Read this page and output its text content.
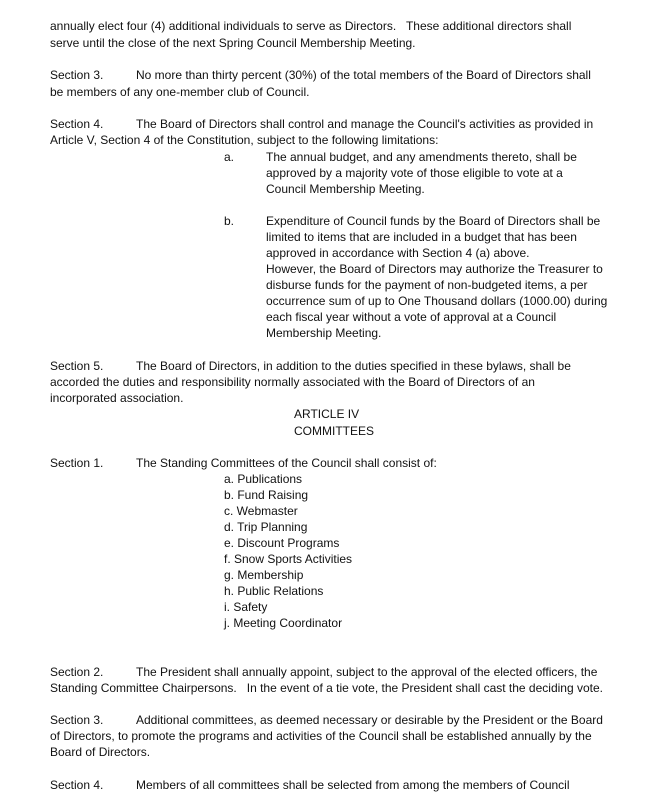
annually elect four (4) additional individuals to serve as Directors.   These additional directors shall
serve until the close of the next Spring Council Membership Meeting.
Section 3.	No more than thirty percent (30%) of the total members of the Board of Directors shall
be members of any one-member club of Council.
Section 4.	The Board of Directors shall control and manage the Council's activities as provided in
Article V, Section 4 of the Constitution, subject to the following limitations:
a.	The annual budget, and any amendments thereto, shall be
approved by a majority vote of those eligible to vote at a
Council Membership Meeting.
b.	Expenditure of Council funds by the Board of Directors shall be
limited to items that are included in a budget that has been
approved in accordance with Section 4 (a) above.
However, the Board of Directors may authorize the Treasurer to
disburse funds for the payment of non-budgeted items, a per
occurrence sum of up to One Thousand dollars (1000.00) during
each fiscal year without a vote of approval at a Council
Membership Meeting.
Section 5.	The Board of Directors, in addition to the duties specified in these bylaws, shall be
accorded the duties and responsibility normally associated with the Board of Directors of an
incorporated association.
ARTICLE IV
COMMITTEES
Section 1.	The Standing Committees of the Council shall consist of:
a. Publications
b. Fund Raising
c. Webmaster
d. Trip Planning
e. Discount Programs
f. Snow Sports Activities
g. Membership
h. Public Relations
i. Safety
j. Meeting Coordinator
Section 2.	The President shall annually appoint, subject to the approval of the elected officers, the
Standing Committee Chairpersons.   In the event of a tie vote, the President shall cast the deciding vote.
Section 3.	Additional committees, as deemed necessary or desirable by the President or the Board
of Directors, to promote the programs and activities of the Council shall be established annually by the
Board of Directors.
Section 4.	Members of all committees shall be selected from among the members of Council
